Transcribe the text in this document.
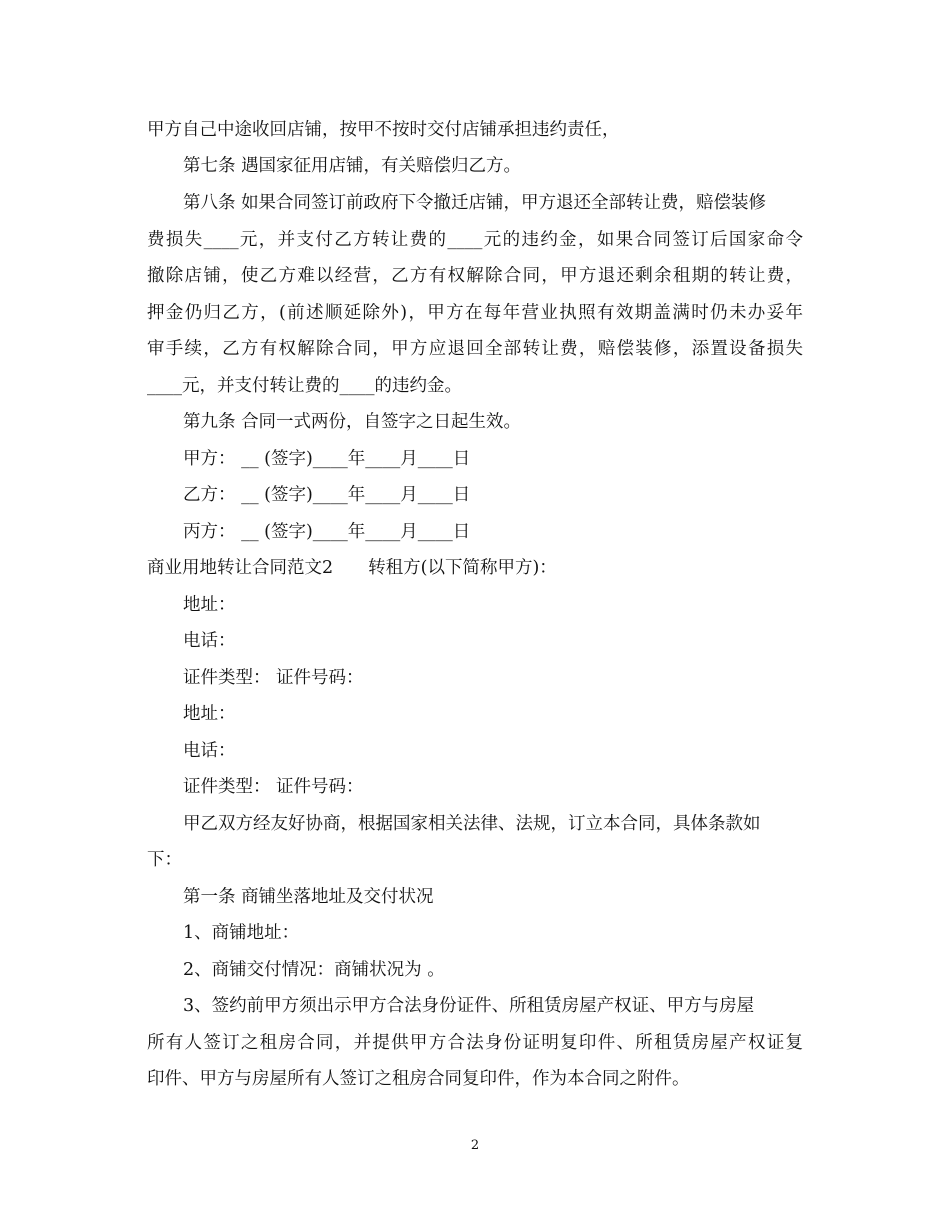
甲方自己中途收回店铺，按甲不按时交付店铺承担违约责任，
第七条 遇国家征用店铺，有关赔偿归乙方。
第八条 如果合同签订前政府下令撤迁店铺，甲方退还全部转让费，赔偿装修
费损失____元，并支付乙方转让费的____元的违约金，如果合同签订后国家命令
撤除店铺，使乙方难以经营，乙方有权解除合同，甲方退还剩余租期的转让费，
押金仍归乙方，(前述顺延除外)，甲方在每年营业执照有效期盖满时仍未办妥年
审手续，乙方有权解除合同，甲方应退回全部转让费，赔偿装修，添置设备损失
____元，并支付转让费的____的违约金。
第九条 合同一式两份，自签字之日起生效。
甲方： __ (签字)____年____月____日
乙方： __ (签字)____年____月____日
丙方： __ (签字)____年____月____日
商业用地转让合同范文2　　转租方(以下简称甲方)：
地址：
电话：
证件类型： 证件号码：
地址：
电话：
证件类型： 证件号码：
甲乙双方经友好协商，根据国家相关法律、法规，订立本合同，具体条款如
下：
第一条 商铺坐落地址及交付状况
1、商铺地址：
2、商铺交付情况：商铺状况为 。
3、签约前甲方须出示甲方合法身份证件、所租赁房屋产权证、甲方与房屋
所有人签订之租房合同，并提供甲方合法身份证明复印件、所租赁房屋产权证复
印件、甲方与房屋所有人签订之租房合同复印件，作为本合同之附件。
2
